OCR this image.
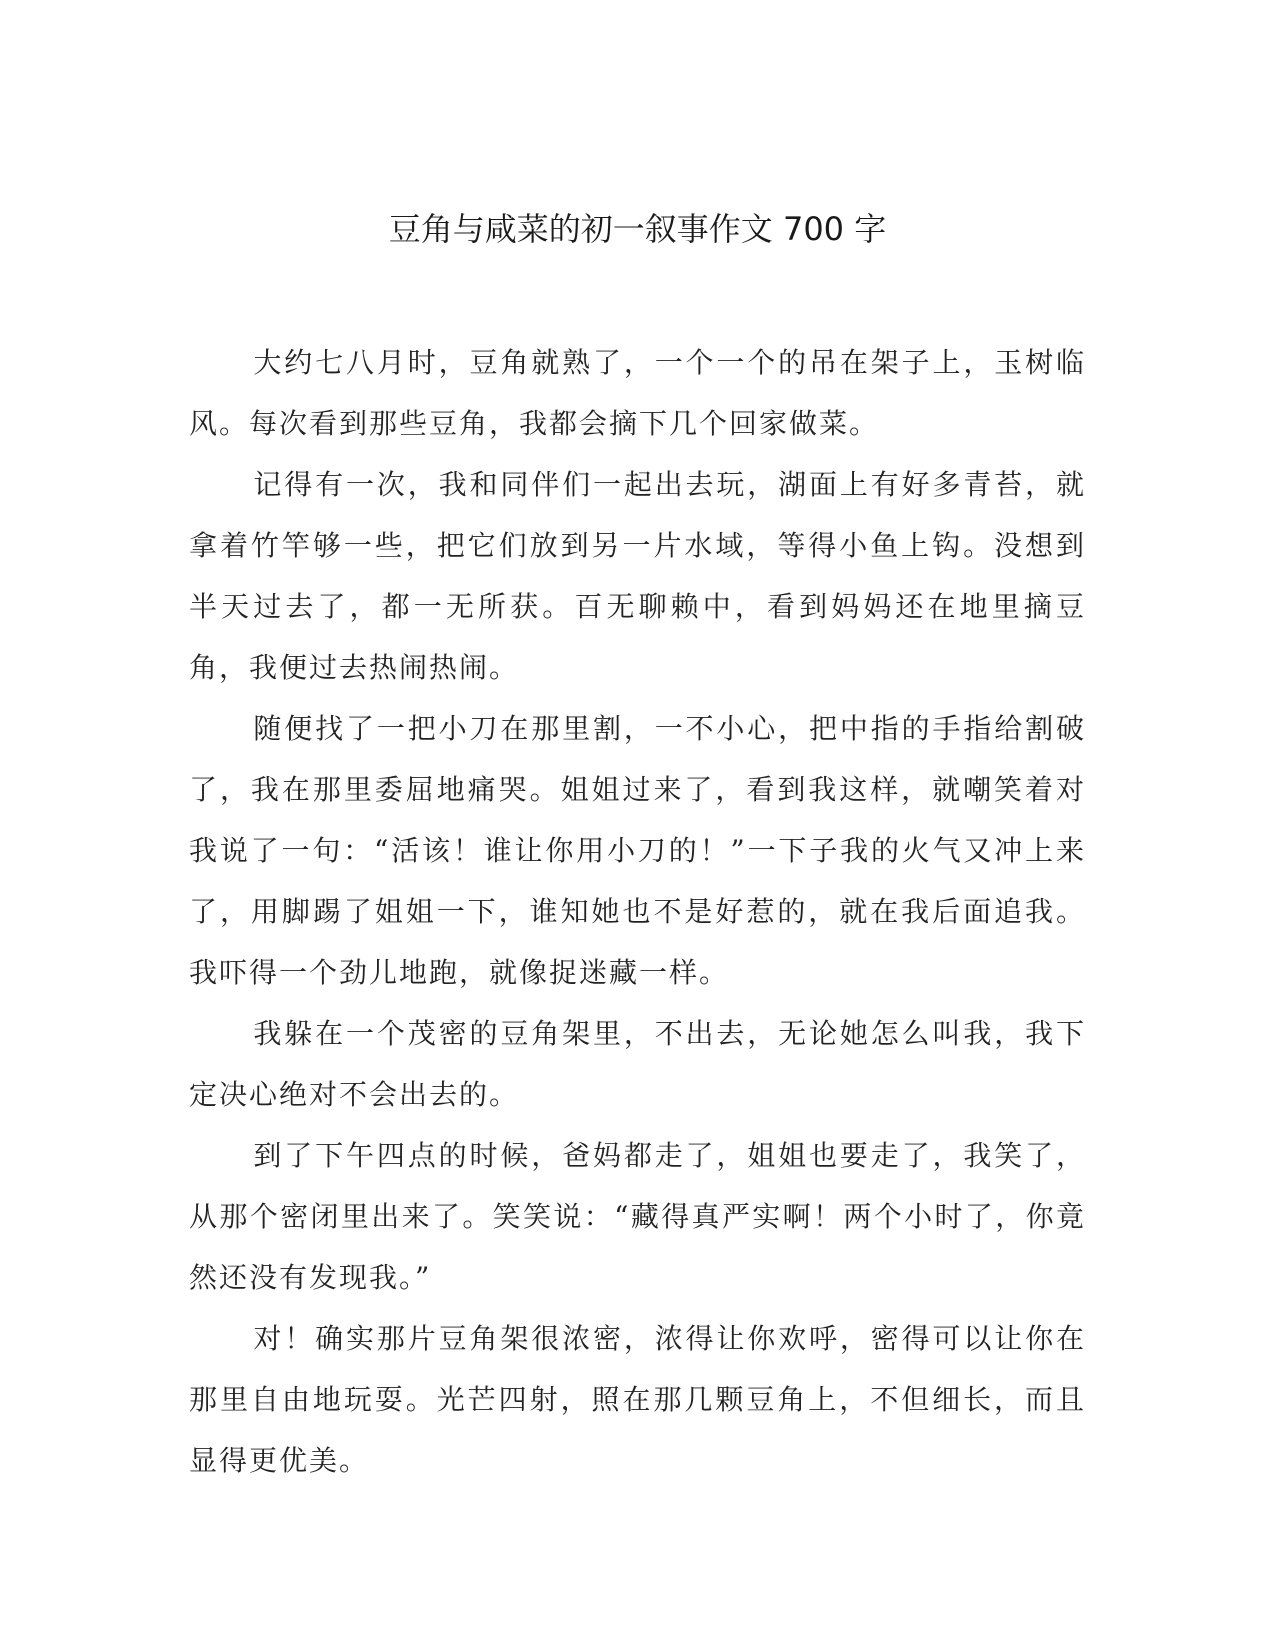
豆角与咸菜的初一叙事作文 700 字

大约七八月时，豆角就熟了，一个一个的吊在架子上，玉树临风。每次看到那些豆角，我都会摘下几个回家做菜。

记得有一次，我和同伴们一起出去玩，湖面上有好多青苔，就拿着竹竿够一些，把它们放到另一片水域，等得小鱼上钩。没想到半天过去了，都一无所获。百无聊赖中，看到妈妈还在地里摘豆角，我便过去热闹热闹。

随便找了一把小刀在那里割，一不小心，把中指的手指给割破了，我在那里委屈地痛哭。姐姐过来了，看到我这样，就嘲笑着对我说了一句：“活该！谁让你用小刀的！”一下子我的火气又冲上来了，用脚踢了姐姐一下，谁知她也不是好惹的，就在我后面追我。我吓得一个劲儿地跑，就像捉迷藏一样。

我躲在一个茂密的豆角架里，不出去，无论她怎么叫我，我下定决心绝对不会出去的。

到了下午四点的时候，爸妈都走了，姐姐也要走了，我笑了，从那个密闭里出来了。笑笑说：“藏得真严实啊！两个小时了，你竟然还没有发现我。”

对！确实那片豆角架很浓密，浓得让你欢呼，密得可以让你在那里自由地玩耍。光芒四射，照在那几颗豆角上，不但细长，而且显得更优美。
